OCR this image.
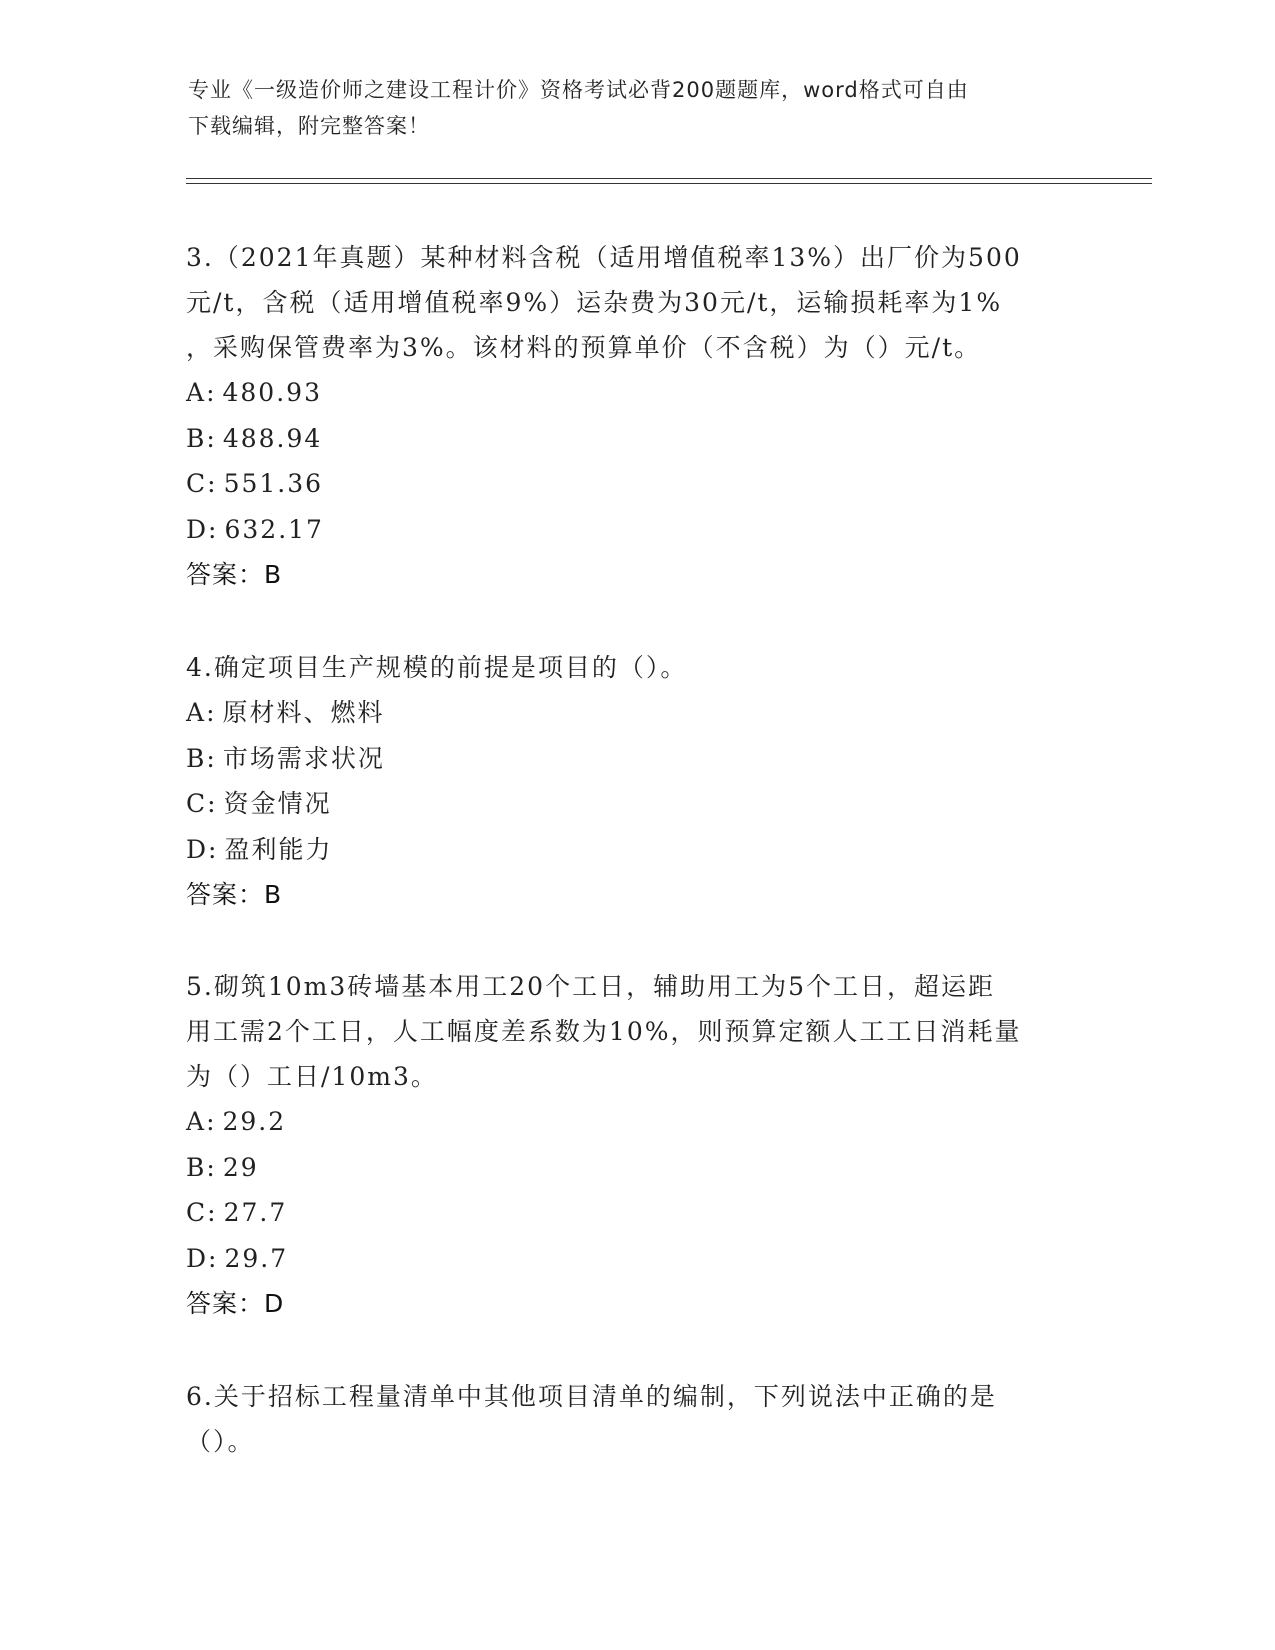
专业《一级造价师之建设工程计价》资格考试必背200题题库，word格式可自由
下载编辑，附完整答案！

3.（2021年真题）某种材料含税（适用增值税率13%）出厂价为500
元/t，含税（适用增值税率9%）运杂费为30元/t，运输损耗率为1%
，采购保管费率为3%。该材料的预算单价（不含税）为（）元/t。

A: 480.93
B: 488.94
C: 551.36
D: 632.17
答案：B

4.确定项目生产规模的前提是项目的（）。

A: 原材料、燃料
B: 市场需求状况
C: 资金情况
D: 盈利能力
答案：B

5.砌筑10m3砖墙基本用工20个工日，辅助用工为5个工日，超运距
用工需2个工日，人工幅度差系数为10%，则预算定额人工工日消耗量
为（）工日/10m3。

A: 29.2
B: 29
C: 27.7
D: 29.7
答案：D

6.关于招标工程量清单中其他项目清单的编制，下列说法中正确的是
（）。
